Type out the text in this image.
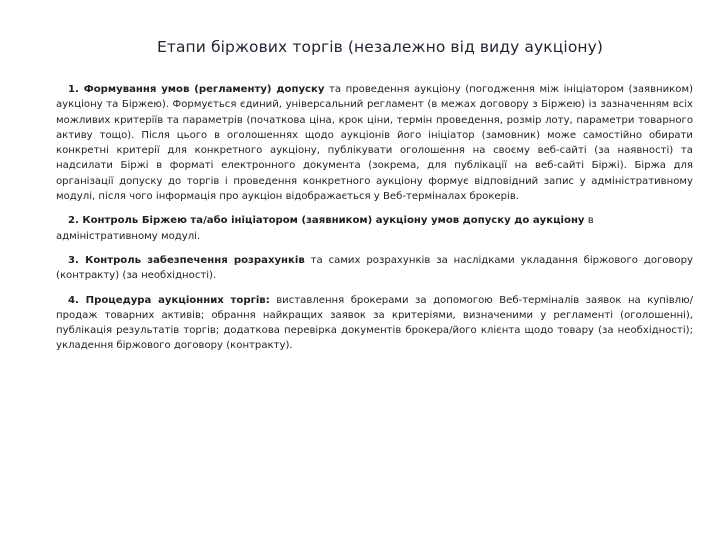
Етапи біржових торгів (незалежно від виду аукціону)

1. Формування умов (регламенту) допуску та проведення аукціону (погодження між ініціатором (заявником) аукціону та Біржею). Формується єдиний, універсальний регламент (в межах договору з Біржею) із зазначенням всіх можливих критеріїв та параметрів (початкова ціна, крок ціни, термін проведення, розмір лоту, параметри товарного активу тощо). Після цього в оголошеннях щодо аукціонів його ініціатор (замовник) може самостійно обирати конкретні критерії для конкретного аукціону, публікувати оголошення на своєму веб-сайті (за наявності) та надсилати Біржі в форматі електронного документа (зокрема, для публікації на веб-сайті Біржі). Біржа для організації допуску до торгів і проведення конкретного аукціону формує відповідний запис у адміністративному модулі, після чого інформація про аукціон відображається у Веб-терміналах брокерів.

2. Контроль Біржею та/або ініціатором (заявником) аукціону умов допуску до аукціону в адміністративному модулі.

3. Контроль забезпечення розрахунків та самих розрахунків за наслідками укладання біржового договору (контракту) (за необхідності).

4. Процедура аукціонних торгів: виставлення брокерами за допомогою Веб-терміналів заявок на купівлю/продаж товарних активів; обрання найкращих заявок за критеріями, визначеними у регламенті (оголошенні), публікація результатів торгів; додаткова перевірка документів брокера/його клієнта щодо товару (за необхідності); укладення біржового договору (контракту).
